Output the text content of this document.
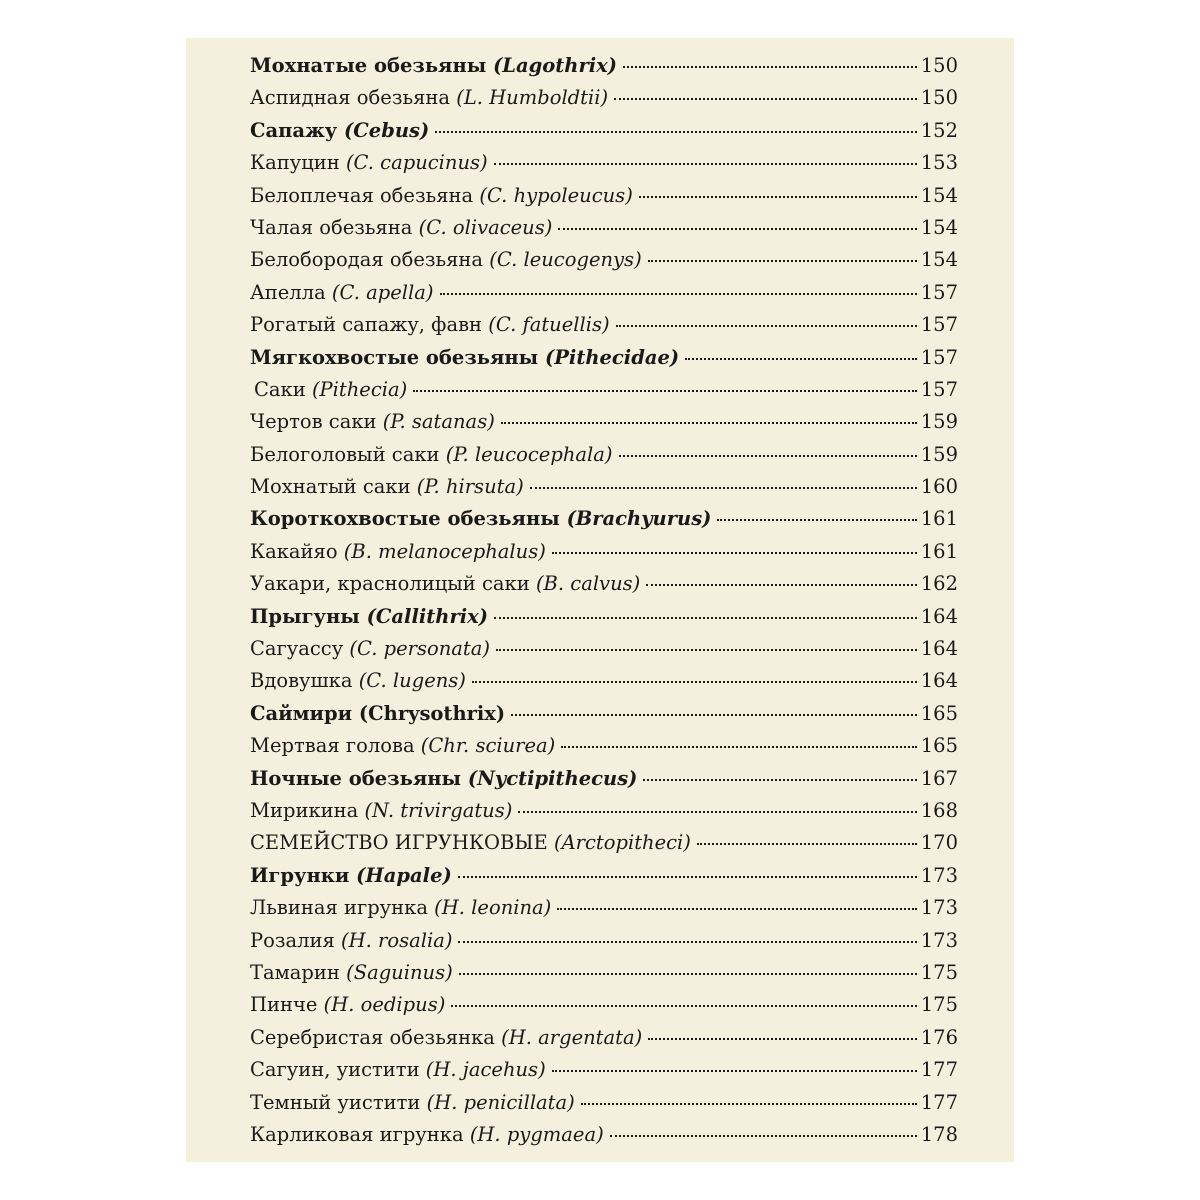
Мохнатые обезьяны (Lagothrix)	150
Аспидная обезьяна (L. Humboldtii)	150
Сапажу (Cebus)	152
Капуцин (C. capucinus)	153
Белоплечая обезьяна (C. hypoleucus)	154
Чалая обезьяна (C. olivaceus)	154
Белобородая обезьяна (C. leucogenys)	154
Апелла (C. apella)	157
Рогатый сапажу, фавн (C. fatuellis)	157
Мягкохвостые обезьяны (Pithecidae)	157
Саки (Pithecia)	157
Чертов саки (P. satanas)	159
Белоголовый саки (P. leucocephala)	159
Мохнатый саки (P. hirsuta)	160
Короткохвостые обезьяны (Brachyurus)	161
Какайяо (B. melanocephalus)	161
Уакари, краснолицый саки (B. calvus)	162
Прыгуны (Callithrix)	164
Сагуассу (C. personata)	164
Вдовушка (C. lugens)	164
Саймири (Chrysothrix)	165
Мертвая голова (Chr. sciurea)	165
Ночные обезьяны (Nyctipithecus)	167
Мирикина (N. trivirgatus)	168
СЕМЕЙСТВО ИГРУНКОВЫЕ (Arctopitheci)	170
Игрунки (Hapale)	173
Львиная игрунка (H. leonina)	173
Розалия (H. rosalia)	173
Тамарин (Saguinus)	175
Пинче (H. oedipus)	175
Серебристая обезьянка (H. argentata)	176
Сагуин, уистити (H. jacehus)	177
Темный уистити (H. penicillata)	177
Карликовая игрунка (H. pygmaea)	178
